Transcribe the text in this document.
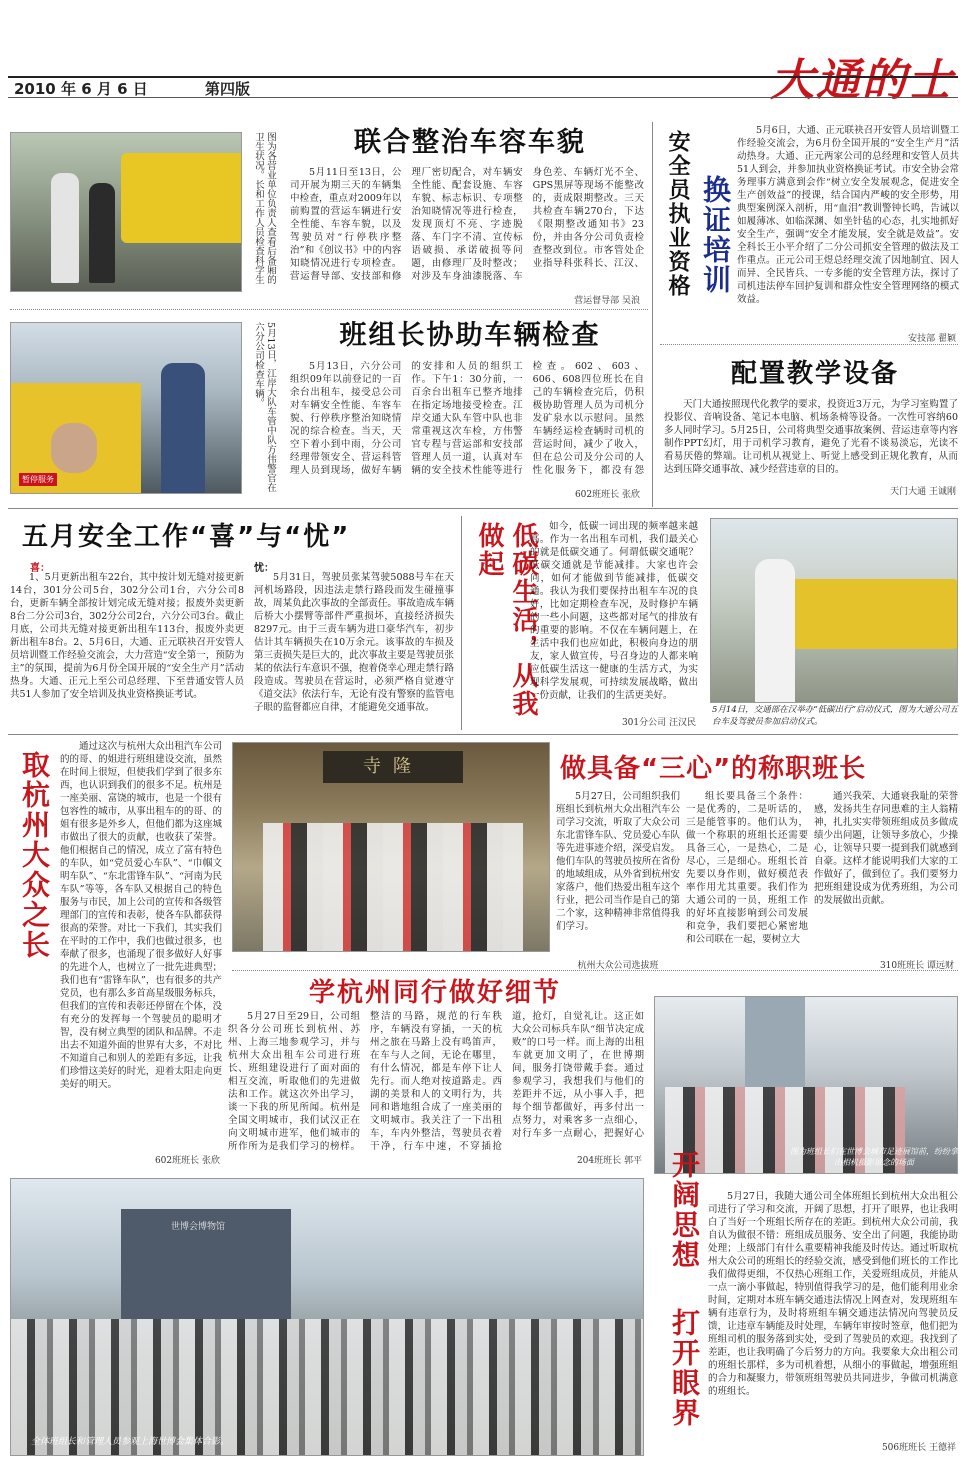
大通的士
2010 年 6 月 6 日	第四版
图为各营业单位负责人查看后备厢的卫生状况。长和工作人员检查科学生	联合整治车容车貌

5月11日至13日，公司开展为期三天的车辆集中检查，重点对2009年以前购置的营运车辆进行安全性能、车容车貌，以及驾驶员对“行停秩序整治”和《创议书》中的内容知晓情况进行专项检查。营运督导部、安技部和修理厂密切配合，对车辆安全性能、配套设施、车容车貌、标志标识、专项整治知晓情况等进行检查，发现顶灯不亮、字迹脱落、车门字不清、宣传标语破损、承诺破损等问题，由修理厂及时整改；对涉及车身油漆脱落、车身色差、车辆灯光不全、GPS黑屏等现场不能整改的，责成限期整改。三天共检查车辆270台，下达《限期整改通知书》23份，并由各分公司负责检查整改到位。市客管处企业指导科张科长、江汉、

营运督导部 吴浪
暂停服务	5月13日，江岸大队车管中队方伟警官在六分公司检查车辆。	班组长协助车辆检查

5月13日，六分公司组织09年以前登记的一百余台出租车，接受总公司对车辆安全性能、车容车貌、行停秩序整治知晓情况的综合检查。当天，天空下着小到中雨，分公司经理带领安全、营运科管理人员到现场，做好车辆的安排和人员的组织工作。下午1：30分前，一百余台出租车已整齐地排在指定场地接受检查。江岸交通大队车管中队也非常重视这次车检，方伟警官专程与营运部和安技部管理人员一道，认真对车辆的安全技术性能等进行检查。602、603、606、608四位班长在自己的车辆检查完后，仍积极协助管理人员为司机分发矿泉水以示慰问。虽然车辆经运检查辆时司机的营运时间，减少了收入，但在总公司及分公司的人性化服务下，都没有怨

602班班长 张欣
安全员执业资格 换证培训

5月6日，大通、正元联袂召开安管人员培训暨工作经验交流会，为6月份全国开展的“安全生产月”活动热身。大通、正元两家公司的总经理和安管人员共51人到会，并参加执业资格换证考试。市安全协会常务理事方满意到会作“树立安全发展观念，促进安全生产创效益”的授课，结合国内严峻的安全形势，用典型案例深入剖析，用“血泪”教训警钟长鸣，告诫以如履薄冰、如临深渊、如坐针毡的心态，扎实地抓好安全生产，强调“安全才能发展，安全就是效益”。安全科长王小平介绍了二分公司抓安全管理的做法及工作重点。正元公司王煜总经理交流了因地制宜、因人而异、全民皆兵、一专多能的安全管理方法，探讨了司机违法停车回护复训和群众性安全管理网络的模式效益。

安技部 翟颖
配置教学设备

天门大通按照现代化教学的要求，投资近3万元，为学习室购置了投影仪、音响设备、笔记本电脑、机场条椅等设备。一次性可容纳60多人同时学习。5月25日，公司将典型交通事故案例、营运违章等内容制作PPT幻灯，用于司机学习教育，避免了光看不谈易淡忘，光读不看易厌倦的弊端。让司机从视觉上、听觉上感受到正规化教育，从而达到压降交通事故、减少经营违章的目的。

天门大通 王诚刚
五月安全工作“喜”与“忧”
喜：

1、5月更新出租车22台，其中按计划无缝对接更新14台，301分公司5台，302分公司1台，六分公司8台，更新车辆全部按计划完成无缝对接；报废外卖更新8台二分公司3台，302分公司2台，六分公司3台。截止月底，公司共无缝对接更新出租车113台，报废外卖更新出租车8台。2、5月6日，大通、正元联袂召开安管人员培训暨工作经验交流会，大力营造“安全第一，预防为主”的氛围，提前为6月份全国开展的“安全生产月”活动热身。大通、正元上至公司总经理、下至普通安管人员共51人参加了安全培训及执业资格换证考试。

忧：

5月31日，驾驶员张某驾驶5088号车在天河机场路段，因违法走禁行路段而发生碰撞事故，周某负此次事故的全部责任。事故造成车辆后桥大小摆臂等部件严重损坏，直接经济损失8297元。由于三责车辆为进口豪华汽车，初步估计其车辆损失在10万余元。该事故的车损及第三责损失是巨大的，此次事故主要是驾驶员张某的依法行车意识不强，抱着侥幸心理走禁行路段造成。驾驶员在营运时，必须严格自觉遵守《道交法》依法行车，无论有没有警察的监管电子眼的监督都应自律，才能避免交通事故。	低碳生活，从我做起	如今，低碳一词出现的频率越来越高。作为一名出租车司机，我们最关心的就是低碳交通了。何谓低碳交通呢？低碳交通就是节能减排。大家也许会问，如何才能做到节能减排，低碳交通。我认为我们要保持出租车车况的良好，比如定期检查车况，及时修护车辆的一些小问题，这些都对尾气的排放有的重要的影响。不仅在车辆问题上，在生活中我们也应如此，积极向身边的朋友，家人做宣传，号召身边的人都来响应低碳生活这一健康的生活方式，为实现科学发展观，可持续发展战略，做出一份贡献，让我们的生活更美好。

301分公司 汪汉民
5月14日，交通部在汉举办“低碳出行”启动仪式，图为大通公司五台车及驾驶员参加启动仪式。
取杭州大众之长

通过这次与杭州大众出租汽车公司的的哥、的姐进行班组建设交流，虽然在时间上很短，但使我们学到了很多东西，也认识到我们的很多不足。杭州是一座美丽、富饶的城市，也是一个很有包容性的城市，从事出租车的的哥、的姐有很多是外乡人，但他们都为这座城市做出了很大的贡献，也收获了荣誉。他们根据自己的情况，成立了富有特色的车队，如“党员爱心车队”、“巾帼文明车队”、“东北雷锋车队”、“河南为民车队”等等，各车队又根据自己的特色服务与市民，加上公司的宣传和各级管理部门的宣传和表彰，使各车队都获得很高的荣誉。对比一下我们，其实我们在平时的工作中，我们也做过很多，也奉献了很多，也涌现了很多做好人好事的先进个人，也树立了一批先进典型；我们也有“雷锋车队”，也有很多的共产党员，也有那么多首高星级服务标兵，但我们的宣传和表彰还停留在个体，没有充分的发挥每一个驾驶员的聪明才智，没有树立典型的团队和品牌。不走出去不知道外面的世界有大多，不对比不知道自己和别人的差距有多远，让我们珍惜这美好的时光，迎着太阳走向更美好的明天。

602班班长 张欣
寺隆	做具备“三心”的称职班长

5月27日，公司组织我们班组长到杭州大众出租汽车公司学习交流，听取了大众公司东北雷锋车队、党员爱心车队等先进事迹介绍，深受启发。他们车队的驾驶员按所在省份的地域组成，从外省到杭州安家落户，他们热爱出租车这个行业，把公司当作是自己的第二个家，这种精神非常值得我们学习。

杭州大众公司选拔班

组长要具备三个条件：一是优秀的，二是听话的，三是能管事的。他们认为，做一个称职的班组长还需要具备三心，一是热心，二是尽心，三是细心。班组长首先要以身作则，做好模范表率作用尤其重要。我们作为大通公司的一员，班组工作的好坏直接影响到公司发展和竞争，我们要把心紧密地和公司联在一起，要树立大

通兴我荣、大通衰我耻的荣誉感，发扬共生存同患难的主人翁精神，扎扎实实带领班组成员多做成绩少出问题，让领导多放心，少操心，让领导只要一提到我们就感到自豪。这样才能说明我们大家的工作做好了，做到位了。我们要努力把班组建设成为优秀班组，为公司的发展做出贡献。

310班班长 谭远财
学杭州同行做好细节

5月27日至29日，公司组织各分公司班长到杭州、苏州、上海三地参观学习，并与杭州大众出租车公司进行班长、班组建设进行了面对面的相互交流，听取他们的先进做法和工作。就这次外出学习，谈一下我的所见所闻。杭州是全国文明城市，我们试汉正在向文明城市进军，他们城市的所作所为是我们学习的榜样。整洁的马路，规范的行车秩序，车辆没有穿插，一天的杭州之旅在马路上没有鸣笛声，在车与人之间，无论在哪里，有什么情况，都是车停下让人先行。而人绝对按道路走。西湖的美景和人的文明行为，共同和谐地组合成了一座美丽的文明城市。我关注了一下出租车，车内外整洁，驾驶员衣着干净，行车中速，不穿插抢道，抢灯，自觉礼让。这正如大众公司标兵车队“细节决定成败”的口号一样。而上海的出租车就更加文明了，在世博期间，服务打饶带戴手套。通过参观学习，我想我们与他们的差距并不远，从小事入手，把每个细节都做好，再多付出一点努力，对乘客多一点细心，对行车多一点耐心，把握好心

204班班长 郭平
图为班组长们在世博会城市足迹展馆前，纷纷拿出相机摄影留念的场面
世博会博物馆
全体班组长和管理人员参观上海世博会集体合影。
开阔思想
打开眼界

5月27日，我随大通公司全体班组长到杭州大众出租公司进行了学习和交流，开阔了思想，打开了眼界，也让我明白了当好一个班组长所存在的差距。到杭州大众公司前，我自认为做很不错：班组成员服务、安全出了问题，我能协助处理；上级部门有什么重要精神我能及时传达。通过听取杭州大众公司的班组长的经验交流，感受到他们班长的工作比我们做得更细，不仅热心班组工作，关爱班组成员，并能从一点一滴小事做起，特别值得我学习的是，他们能利用业余时间，定期对本班车辆交通违法情况上网查对，发现班组车辆有违章行为，及时将班组车辆交通违法情况向驾驶员反馈，让违章车辆能及时处理，车辆年审按时签章，他们把为班组司机的服务落到实处，受到了驾驶员的欢迎。我找到了差距，也让我明确了今后努力的方向。我要象大众出租公司的班组长那样，多为司机着想，从细小的事做起，增强班组的合力和凝聚力，带领班组驾驶员共同进步，争做司机满意的班组长。

506班班长 王德祥
